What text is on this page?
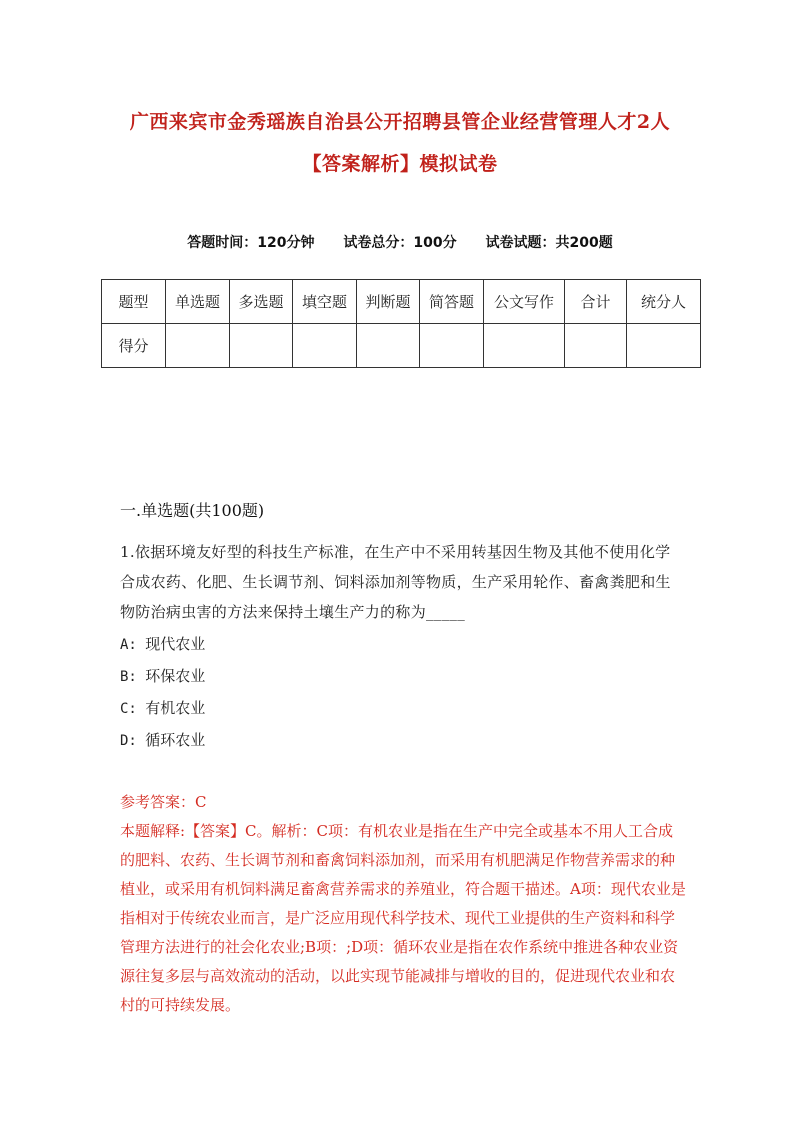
广西来宾市金秀瑶族自治县公开招聘县管企业经营管理人才2人
【答案解析】模拟试卷
答题时间：120分钟 试卷总分：100分 试卷试题：共200题
题型	单选题	多选题	填空题	判断题	简答题	公文写作	合计	统分人
得分								
一.单选题(共100题)
1.依据环境友好型的科技生产标准，在生产中不采用转基因生物及其他不使用化学合成农药、化肥、生长调节剂、饲料添加剂等物质，生产采用轮作、畜禽粪肥和生物防治病虫害的方法来保持土壤生产力的称为_____
A: 现代农业
B: 环保农业
C: 有机农业
D: 循环农业
参考答案：C
本题解释:【答案】C。解析：C项：有机农业是指在生产中完全或基本不用人工合成的肥料、农药、生长调节剂和畜禽饲料添加剂，而采用有机肥满足作物营养需求的种植业，或采用有机饲料满足畜禽营养需求的养殖业，符合题干描述。A项：现代农业是指相对于传统农业而言，是广泛应用现代科学技术、现代工业提供的生产资料和科学管理方法进行的社会化农业;B项：;D项：循环农业是指在农作系统中推进各种农业资源往复多层与高效流动的活动，以此实现节能减排与增收的目的，促进现代农业和农村的可持续发展。
